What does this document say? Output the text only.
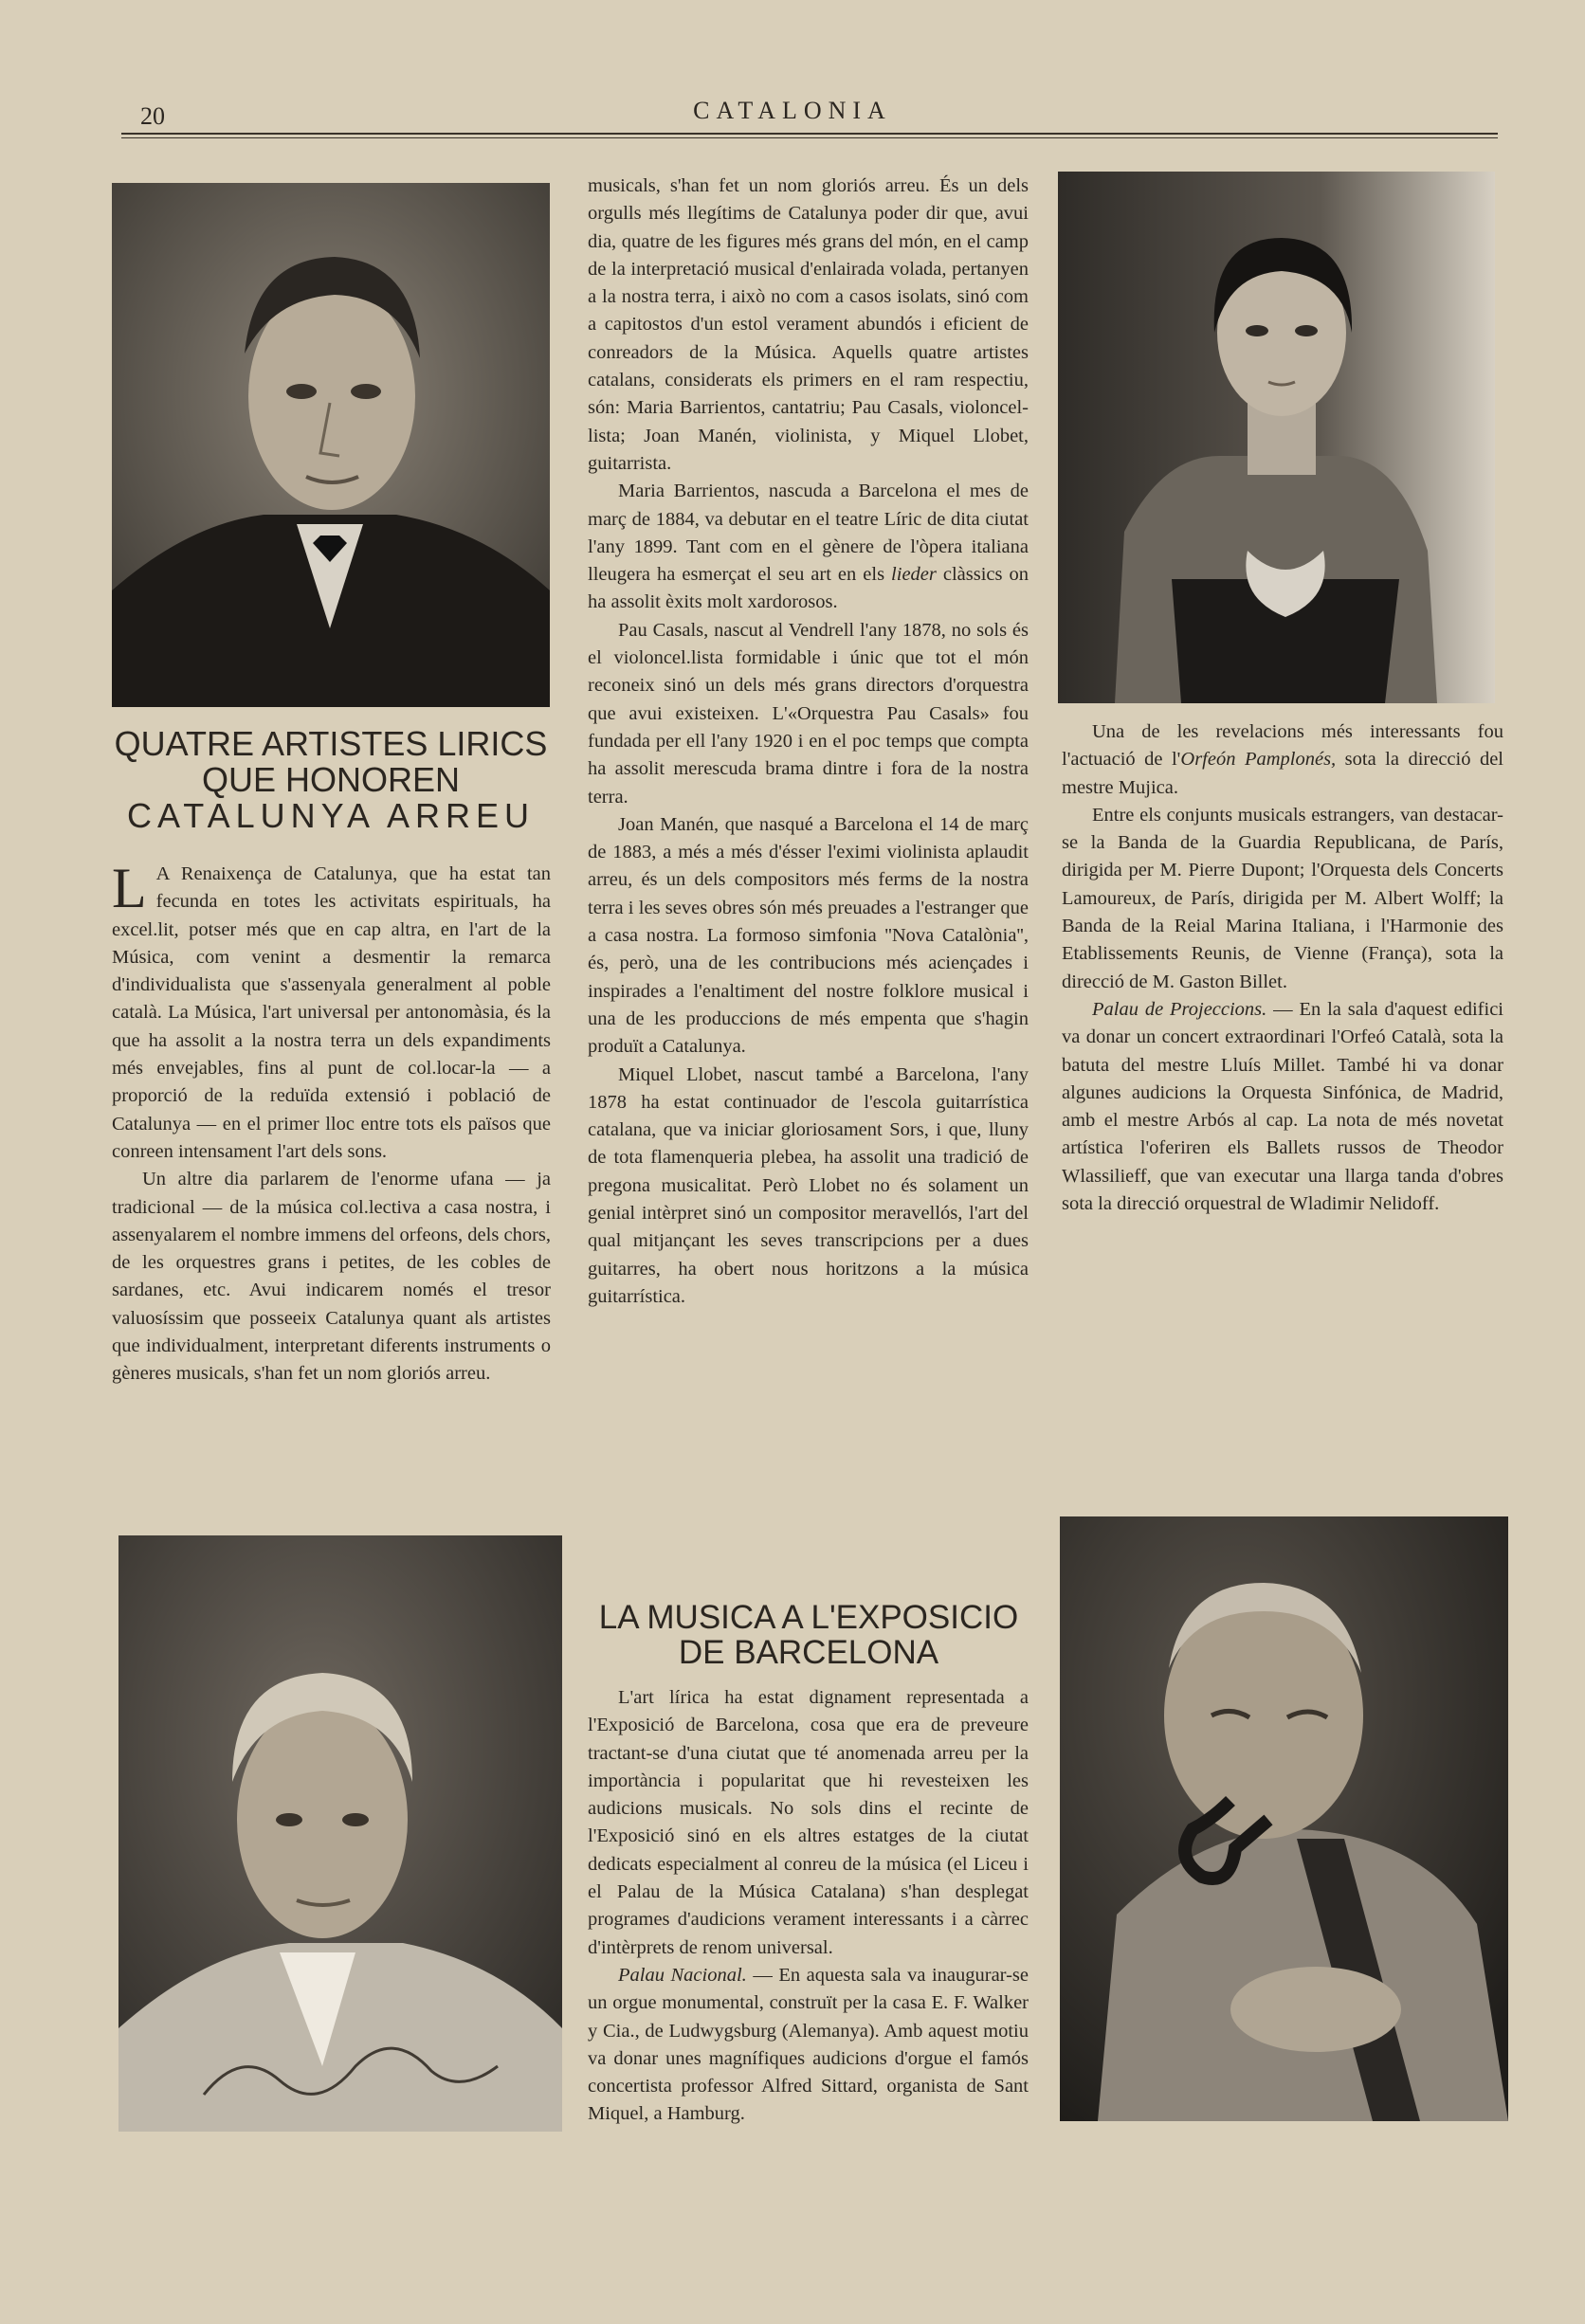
20	CATALONIA
QUATRE ARTISTES LIRICS
QUE HONOREN
CATALUNYA ARREU

L A Renaixença de Catalunya, que ha estat tan fecunda en totes les activitats espirituals, ha excel.lit, potser més que en cap altra, en l'art de la Música, com venint a desmentir la remarca d'individualista que s'assenyala generalment al poble català. La Música, l'art universal per antonomàsia, és la que ha assolit a la nostra terra un dels expandiments més envejables, fins al punt de col.locar-la — a proporció de la reduïda extensió i població de Catalunya — en el primer lloc entre tots els països que conreen intensament l'art dels sons.

Un altre dia parlarem de l'enorme ufana — ja tradicional — de la música col.lectiva a casa nostra, i assenyalarem el nombre immens del orfeons, dels chors, de les orquestres grans i petites, de les cobles de sardanes, etc. Avui indicarem només el tresor valuosíssim que posseeix Catalunya quant als artistes que individualment, interpretant diferents instruments o gèneres musicals, s'han fet un nom gloriós arreu.

musicals, s'han fet un nom gloriós arreu. És un dels orgulls més llegítims de Catalunya poder dir que, avui dia, quatre de les figures més grans del món, en el camp de la interpretació musical d'enlairada volada, pertanyen a la nostra terra, i això no com a casos isolats, sinó com a capitostos d'un estol verament abundós i eficient de conreadors de la Música. Aquells quatre artistes catalans, considerats els primers en el ram respectiu, són: Maria Barrientos, cantatriu; Pau Casals, violoncel-lista; Joan Manén, violinista, y Miquel Llobet, guitarrista.

Maria Barrientos, nascuda a Barcelona el mes de març de 1884, va debutar en el teatre Líric de dita ciutat l'any 1899. Tant com en el gènere de l'òpera italiana lleugera ha esmerçat el seu art en els lieder clàssics on ha assolit èxits molt xardorosos.

Pau Casals, nascut al Vendrell l'any 1878, no sols és el violoncel.lista formidable i únic que tot el món reconeix sinó un dels més grans directors d'orquestra que avui existeixen. L'«Orquestra Pau Casals» fou fundada per ell l'any 1920 i en el poc temps que compta ha assolit merescuda brama dintre i fora de la nostra terra.

Joan Manén, que nasqué a Barcelona el 14 de març de 1883, a més a més d'ésser l'eximi violinista aplaudit arreu, és un dels compositors més ferms de la nostra terra i les seves obres són més preuades a l'estranger que a casa nostra. La formoso simfonia ''Nova Catalònia'', és, però, una de les contribucions més aciençades i inspirades a l'enaltiment del nostre folklore musical i una de les produccions de més empenta que s'hagin produït a Catalunya.

Miquel Llobet, nascut també a Barcelona, l'any 1878 ha estat continuador de l'escola guitarrística catalana, que va iniciar gloriosament Sors, i que, lluny de tota flamenqueria plebea, ha assolit una tradició de pregona musicalitat. Però Llobet no és solament un genial intèrpret sinó un compositor meravellós, l'art del qual mitjançant les seves transcripcions per a dues guitarres, ha obert nous horitzons a la música guitarrística.

LA MUSICA A L'EXPOSICIO
DE BARCELONA

L'art lírica ha estat dignament representada a l'Exposició de Barcelona, cosa que era de preveure tractant-se d'una ciutat que té anomenada arreu per la importància i popularitat que hi revesteixen les audicions musicals. No sols dins el recinte de l'Exposició sinó en els altres estatges de la ciutat dedicats especialment al conreu de la música (el Liceu i el Palau de la Música Catalana) s'han desplegat programes d'audicions verament interessants i a càrrec d'intèrprets de renom universal.

Palau Nacional. — En aquesta sala va inaugurar-se un orgue monumental, construït per la casa E. F. Walker y Cia., de Ludwygsburg (Alemanya). Amb aquest motiu va donar unes magnífiques audicions d'orgue el famós concertista professor Alfred Sittard, organista de Sant Miquel, a Hamburg.

Una de les revelacions més interessants fou l'actuació de l'Orfeón Pamplonés, sota la direcció del mestre Mujica.

Entre els conjunts musicals estrangers, van destacar-se la Banda de la Guardia Republicana, de París, dirigida per M. Pierre Dupont; l'Orquesta dels Concerts Lamoureux, de París, dirigida per M. Albert Wolff; la Banda de la Reial Marina Italiana, i l'Harmonie des Etablissements Reunis, de Vienne (França), sota la direcció de M. Gaston Billet.

Palau de Projeccions. — En la sala d'aquest edifici va donar un concert extraordinari l'Orfeó Català, sota la batuta del mestre Lluís Millet. També hi va donar algunes audicions la Orquesta Sinfónica, de Madrid, amb el mestre Arbós al cap. La nota de més novetat artística l'oferiren els Ballets russos de Theodor Wlassilieff, que van executar una llarga tanda d'obres sota la direcció orquestral de Wladimir Nelidoff.
